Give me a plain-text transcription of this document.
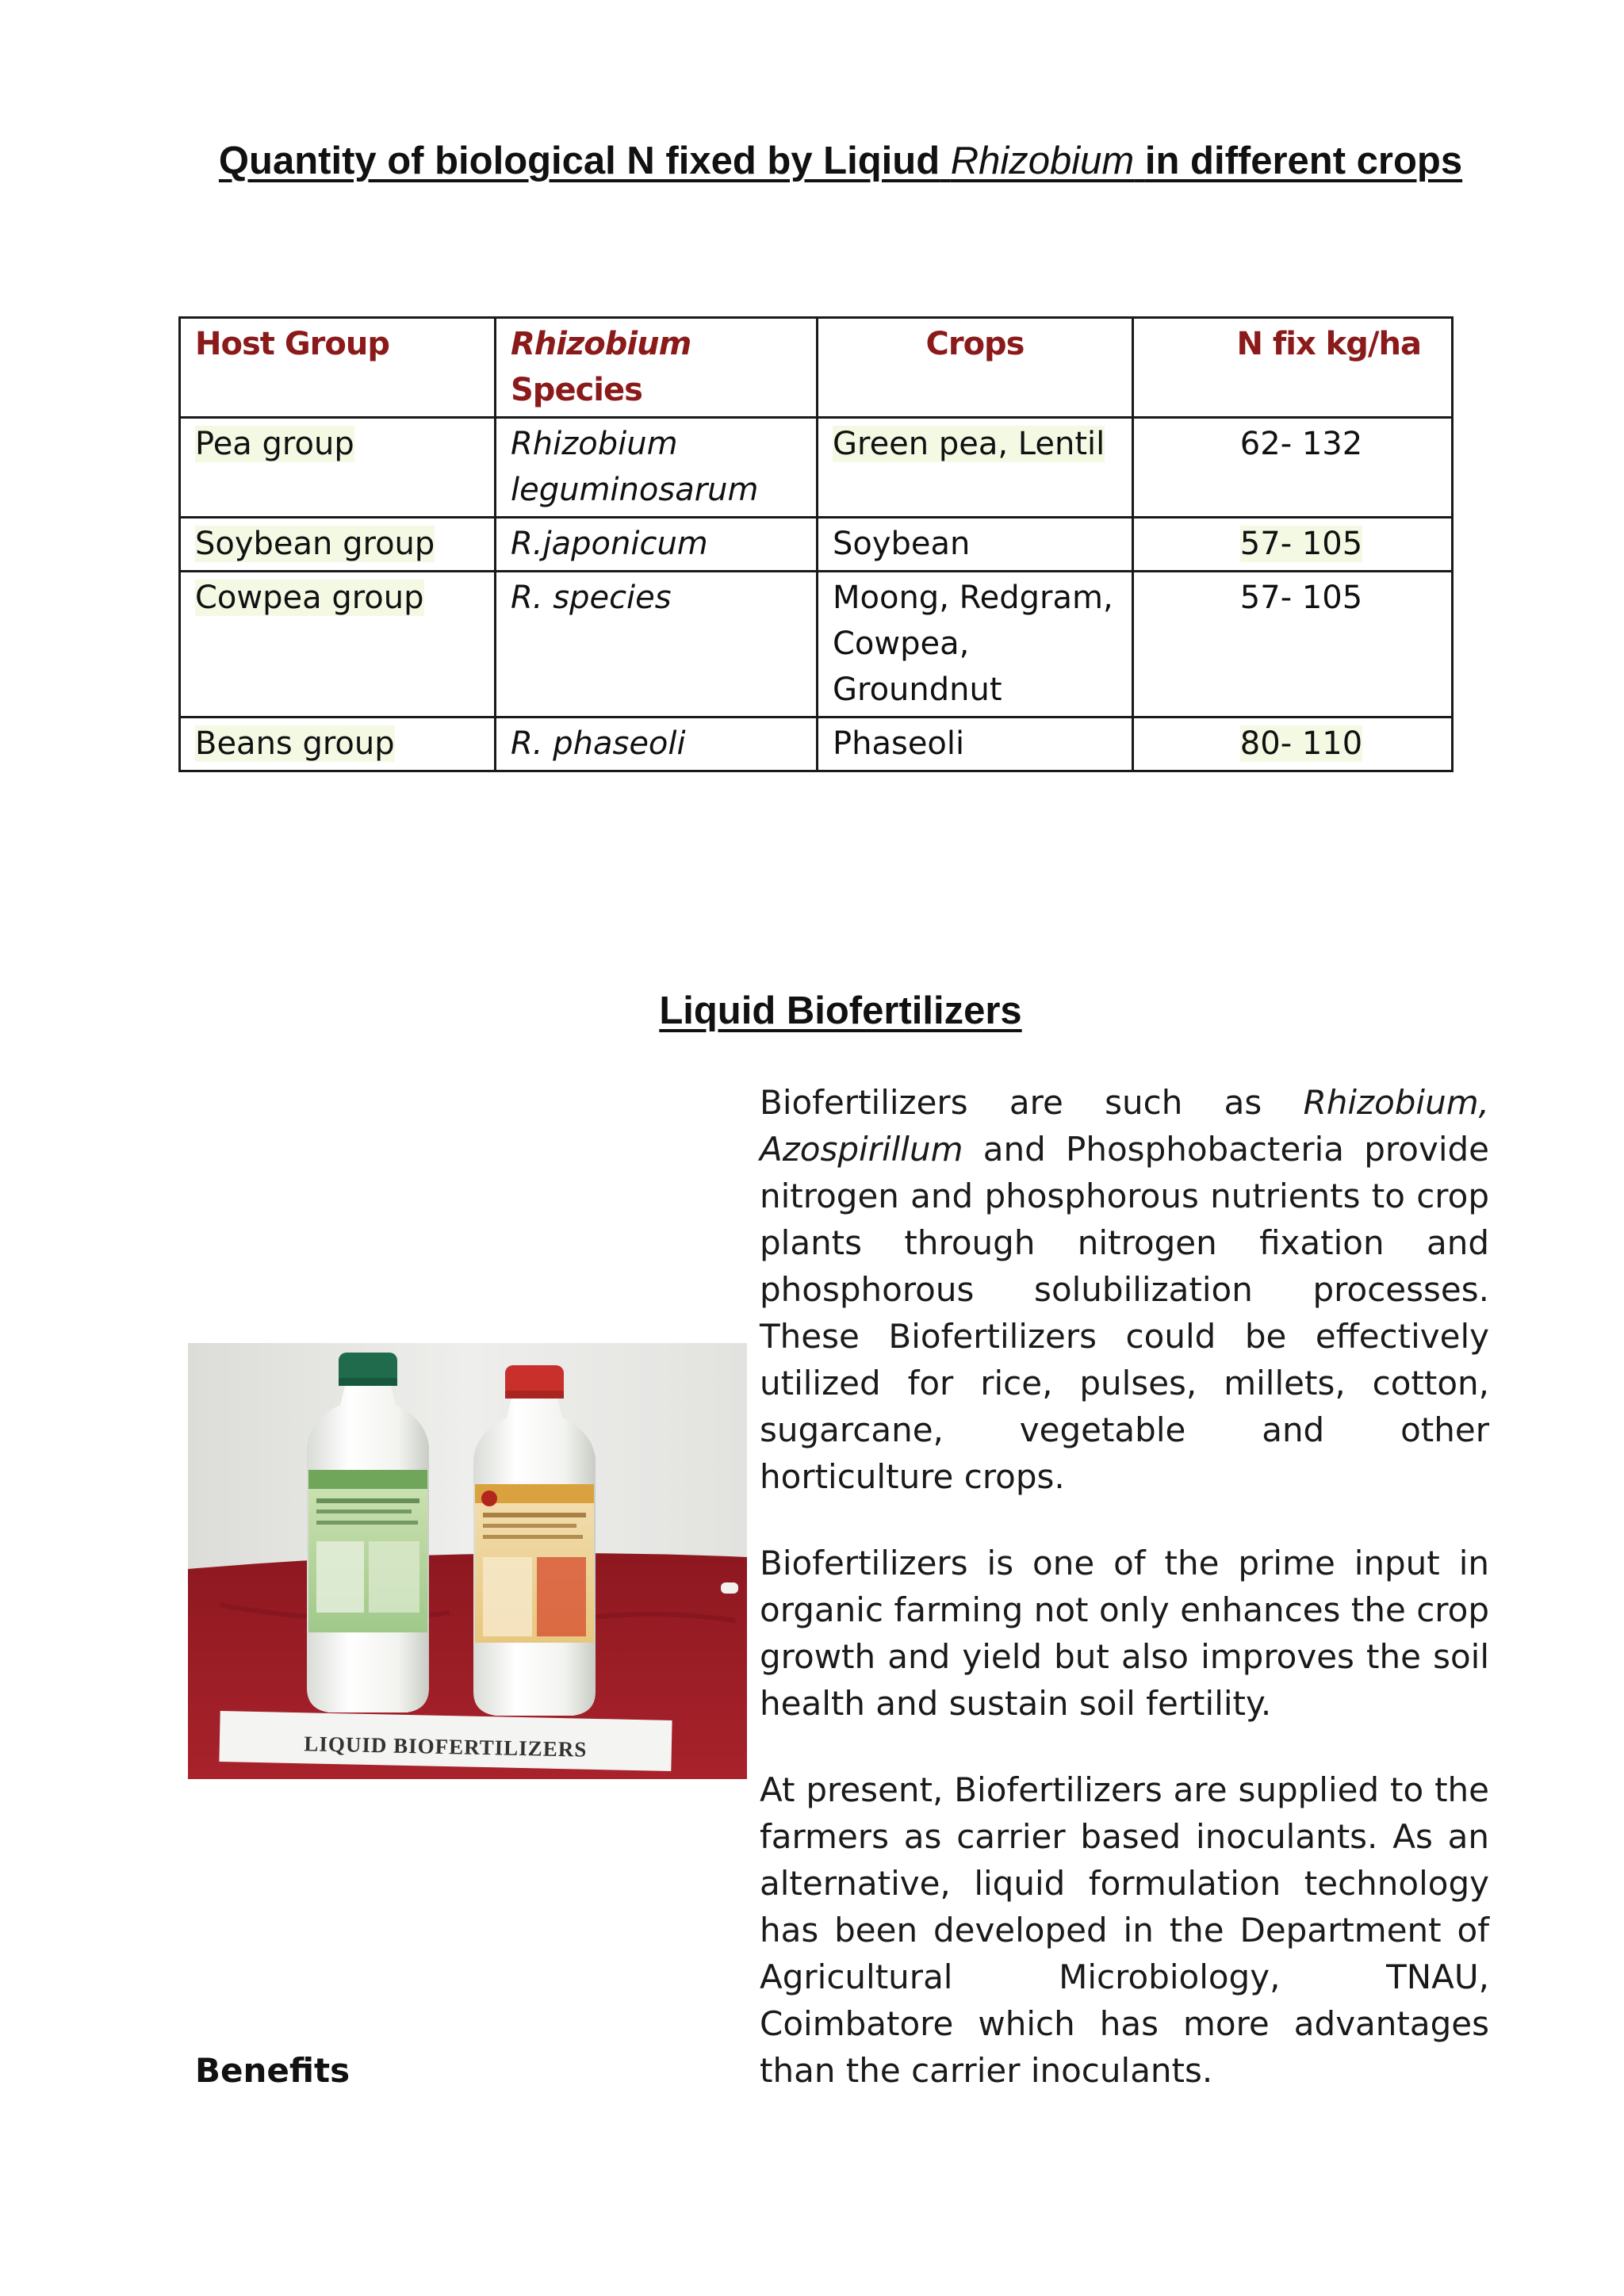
Quantity of biological N fixed by Liqiud Rhizobium in different crops
Host Group	Rhizobium Species	Crops	N fix kg/ha
Pea group	Rhizobium leguminosarum	Green pea, Lentil	62- 132
Soybean group	R.japonicum	Soybean	57- 105
Cowpea group	R. species	Moong, Redgram, Cowpea, Groundnut	57- 105
Beans group	R. phaseoli	Phaseoli	80- 110
Liquid Biofertilizers
LIQUID BIOFERTILIZERS

Biofertilizers are such as Rhizobium, Azospirillum and Phosphobacteria provide nitrogen and phosphorous nutrients to crop plants through nitrogen fixation and phosphorous solubilization processes. These Biofertilizers could be effectively utilized for rice, pulses, millets, cotton, sugarcane, vegetable and other horticulture crops.

Biofertilizers is one of the prime input in organic farming not only enhances the crop growth and yield but also improves the soil health and sustain soil fertility.

At present, Biofertilizers are supplied to the farmers as carrier based inoculants. As an alternative, liquid formulation technology has been developed in the Department of Agricultural Microbiology, TNAU, Coimbatore which has more advantages than the carrier inoculants.

Benefits
